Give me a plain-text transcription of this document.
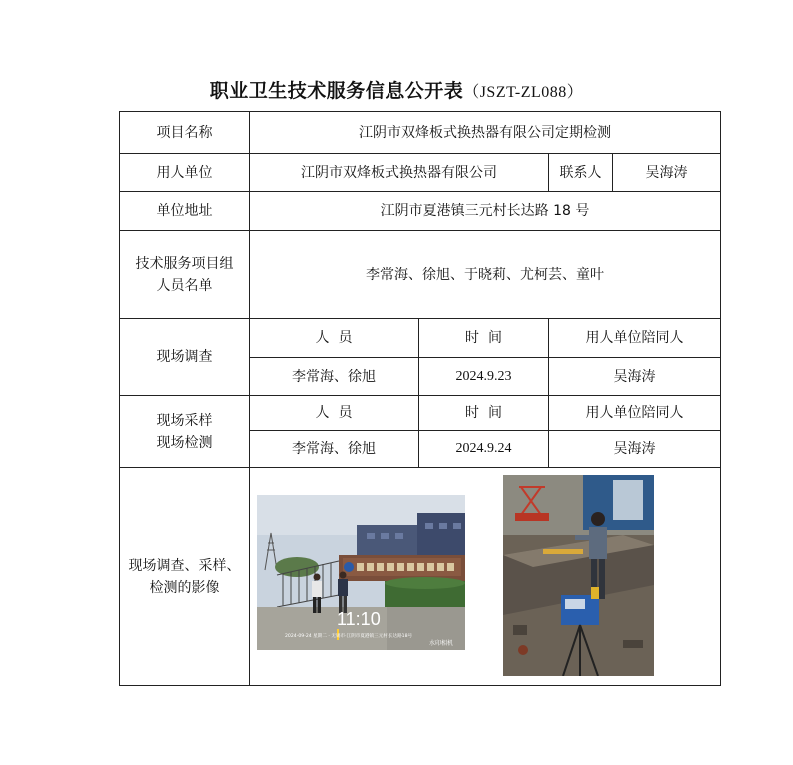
职业卫生技术服务信息公开表（JSZT-ZL088）
项目名称	江阴市双烽板式换热器有限公司定期检测			
用人单位	江阴市双烽板式换热器有限公司		联系人	吴海涛
单位地址	江阴市夏港镇三元村长达路 18 号			

技术服务项目组
人员名单	李常海、徐旭、于晓莉、尤柯芸、童叶			
现场调查	人  员	时  间	用人单位陪同人	
	李常海、徐旭	2024.9.23	吴海涛	

现场采样
现场检测	人  员	时  间	用人单位陪同人	
	李常海、徐旭	2024.9.24	吴海涛	

现场调查、采样、
检测的影像				

11:10
2024-09-24 星期二 · 无锡市·江阴市夏港镇三元村长达路18号
水印相机
